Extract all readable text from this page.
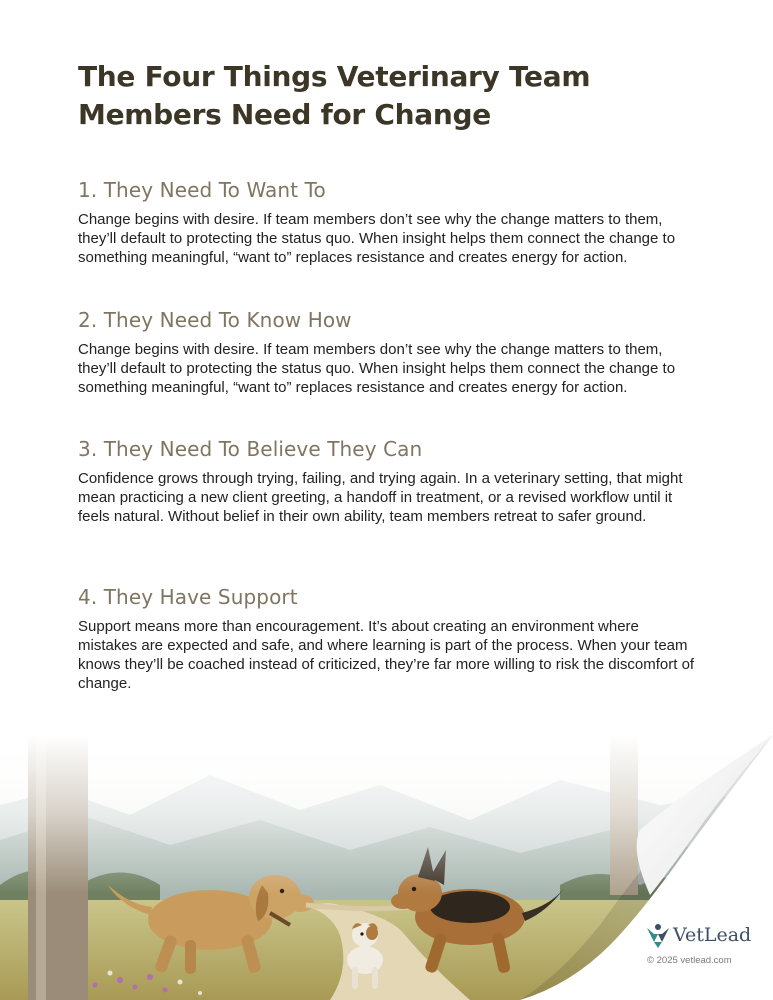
The Four Things Veterinary Team
Members Need for Change
1. They Need To Want To

Change begins with desire. If team members don’t see why the change matters to them, they’ll default to protecting the status quo. When insight helps them connect the change to something meaningful, “want to” replaces resistance and creates energy for action.

2. They Need To Know How

Change begins with desire. If team members don’t see why the change matters to them, they’ll default to protecting the status quo. When insight helps them connect the change to something meaningful, “want to” replaces resistance and creates energy for action.

3. They Need To Believe They Can

Confidence grows through trying, failing, and trying again. In a veterinary setting, that might mean practicing a new client greeting, a handoff in treatment, or a revised workflow until it feels natural. Without belief in their own ability, team members retreat to safer ground.

4. They Have Support

Support means more than encouragement. It’s about creating an environment where mistakes are expected and safe, and where learning is part of the process. When your team knows they’ll be coached instead of criticized, they’re far more willing to risk the discomfort of change.

VetLead
© 2025 vetlead.com
